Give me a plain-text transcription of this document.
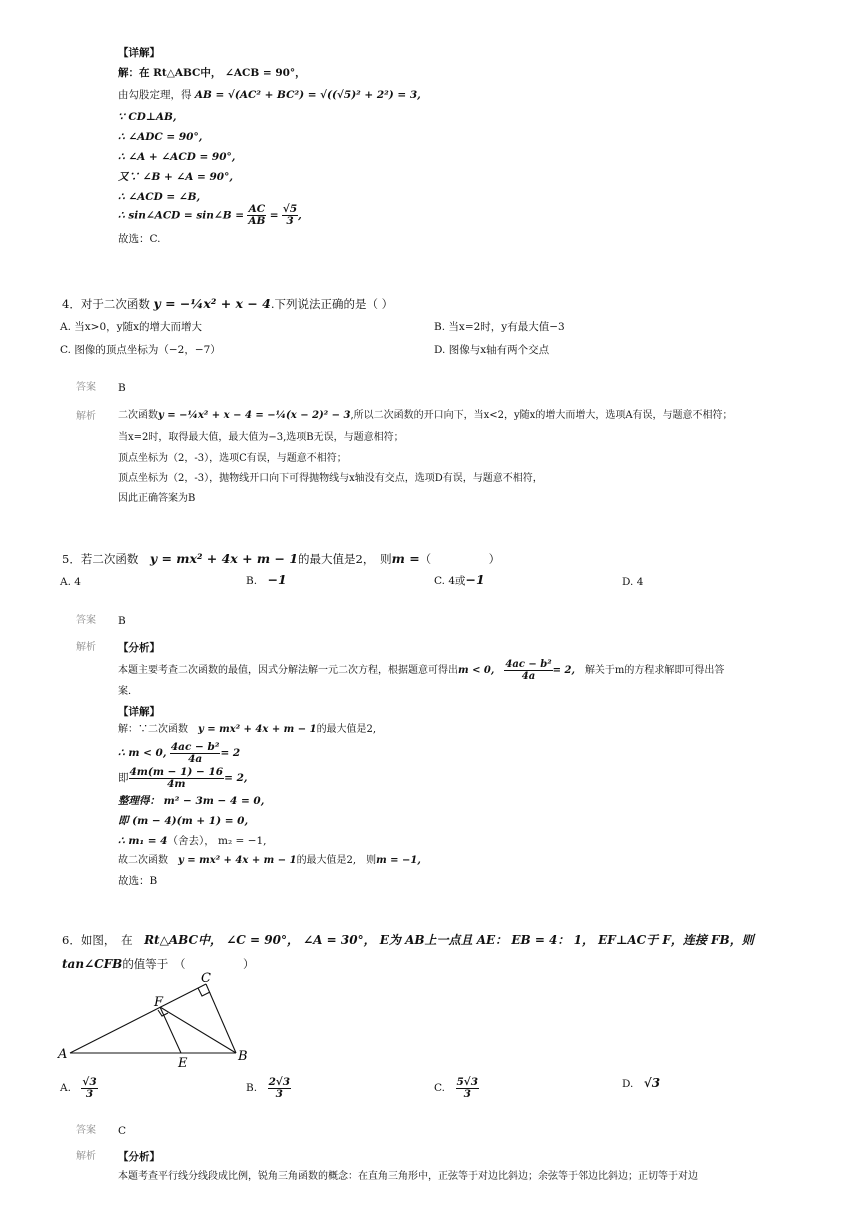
【详解】
解：在 Rt△ABC中， ∠ACB = 90°，
由勾股定理，得 AB = √(AC² + BC²) = √((√5)² + 2²) = 3,
∵ CD⊥AB,
∴ ∠ADC = 90°,
∴ ∠A + ∠ACD = 90°,
又∵ ∠B + ∠A = 90°,
∴ ∠ACD = ∠B,
∴ sin∠ACD = sin∠B = $\frac{AC}{AB} = \frac{√5}{3}$ ,
故选：C.
4．对于二次函数 y = −¼x² + x − 4.下列说法正确的是（ ）
A. 当x>0，y随x的增大而增大	B. 当x=2时，y有最大值−3
C. 图像的顶点坐标为（−2，−7）	D. 图像与x轴有两个交点
答案 B
解析 二次函数y = −¼x² + x − 4 = −¼(x − 2)² − 3,所以二次函数的开口向下，当x<2，y随x的增大而增大，选项A有误，与题意不相符；
当x=2时，取得最大值，最大值为−3,选项B无误，与题意相符；
顶点坐标为（2，-3），选项C有误，与题意不相符；
顶点坐标为（2，-3），抛物线开口向下可得抛物线与x轴没有交点，选项D有误，与题意不相符，
因此正确答案为B
5．若二次函数　 y = mx² + 4x + m − 1的最大值是2，　则m =（　　　　　）
A. 4	B.　 −1	C. 4或−1	D. 4
答案 B
解析 【分析】
本题主要考查二次函数的最值，因式分解法解一元二次方程，根据题意可得出m < 0,　 $\frac{\text{4ac − b²}}{4a} = 2$,　 解关于m的方程求解即可得出答
案．
【详解】
解：∵二次函数　 y = mx² + 4x + m − 1的最大值是2,
∴ m < 0, $\frac{\text{4ac − b²}}{4a} = 2$
即 $\frac{4m(m - 1) - 16}{4m} = 2$,
整理得： m² − 3m − 4 = 0,
即 (m − 4)(m + 1) = 0,
∴ m₁ = 4（舍去）， m₂ = −1,
故二次函数　 y = mx² + 4x + m − 1的最大值是2,　则m = −1,
故选：B
6．如图，　在　 Rt△ABC中， ∠C = 90°， ∠A = 30°， E为 AB上一点且 AE： EB = 4： 1， EF⊥AC于 F，连接 FB，则
tan∠CFB的值等于　（　　　　　）
A	B
C
E
F
A.　 $\frac{√3}{3}$	B.　 $\frac{2√3}{3}$	C.　 $\frac{5√3}{3}$	D.　 √3
答案 C
解析 【分析】
本题考查平行线分线段成比例，锐角三角函数的概念：在直角三角形中，正弦等于对边比斜边；余弦等于邻边比斜边；正切等于对边
